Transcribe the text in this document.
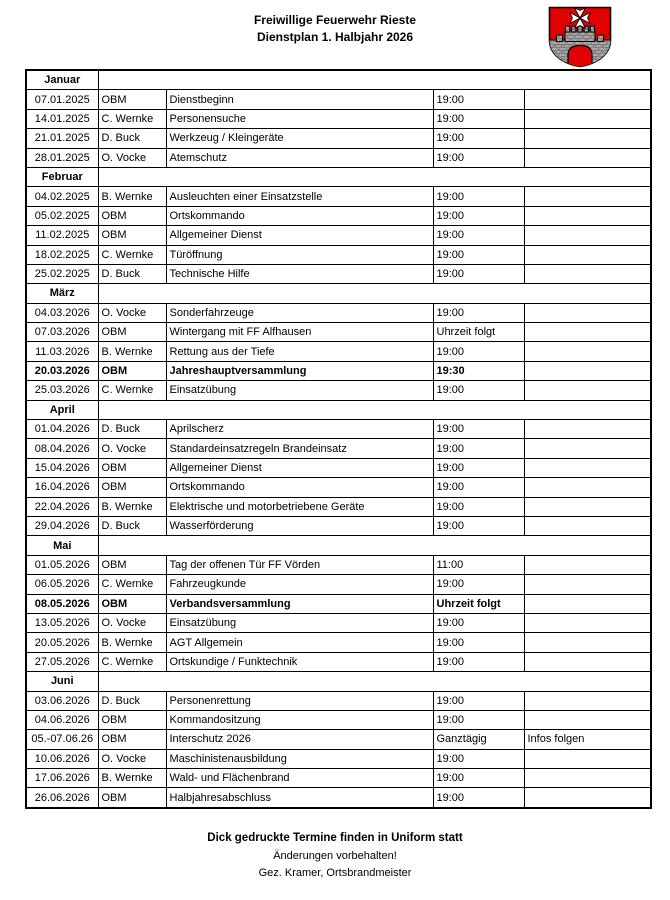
Freiwillige Feuerwehr Rieste
Dienstplan 1. Halbjahr 2026
Januar				
07.01.2025	OBM	Dienstbeginn	19:00	
14.01.2025	C. Wernke	Personensuche	19:00	
21.01.2025	D. Buck	Werkzeug / Kleingeräte	19:00	
28.01.2025	O. Vocke	Atemschutz	19:00	
Februar				
04.02.2025	B. Wernke	Ausleuchten einer Einsatzstelle	19:00	
05.02.2025	OBM	Ortskommando	19:00	
11.02.2025	OBM	Allgemeiner Dienst	19:00	
18.02.2025	C. Wernke	Türöffnung	19:00	
25.02.2025	D. Buck	Technische Hilfe	19:00	
März				
04.03.2026	O. Vocke	Sonderfahrzeuge	19:00	
07.03.2026	OBM	Wintergang mit FF Alfhausen	Uhrzeit folgt	
11.03.2026	B. Wernke	Rettung aus der Tiefe	19:00	
20.03.2026	OBM	Jahreshauptversammlung	19:30	
25.03.2026	C. Wernke	Einsatzübung	19:00	
April				
01.04.2026	D. Buck	Aprilscherz	19:00	
08.04.2026	O. Vocke	Standardeinsatzregeln Brandeinsatz	19:00	
15.04.2026	OBM	Allgemeiner Dienst	19:00	
16.04.2026	OBM	Ortskommando	19:00	
22.04.2026	B. Wernke	Elektrische und motorbetriebene Geräte	19:00	
29.04.2026	D. Buck	Wasserförderung	19:00	
Mai				
01.05.2026	OBM	Tag der offenen Tür FF Vörden	11:00	
06.05.2026	C. Wernke	Fahrzeugkunde	19:00	
08.05.2026	OBM	Verbandsversammlung	Uhrzeit folgt	
13.05.2026	O. Vocke	Einsatzübung	19:00	
20.05.2026	B. Wernke	AGT Allgemein	19:00	
27.05.2026	C. Wernke	Ortskundige / Funktechnik	19:00	
Juni				
03.06.2026	D. Buck	Personenrettung	19:00	
04.06.2026	OBM	Kommandositzung	19:00	
05.-07.06.26	OBM	Interschutz 2026	Ganztägig	Infos folgen
10.06.2026	O. Vocke	Maschinistenausbildung	19:00	
17.06.2026	B. Wernke	Wald- und Flächenbrand	19:00	
26.06.2026	OBM	Halbjahresabschluss	19:00	
Dick gedruckte Termine finden in Uniform statt
Änderungen vorbehalten!
Gez. Kramer, Ortsbrandmeister
